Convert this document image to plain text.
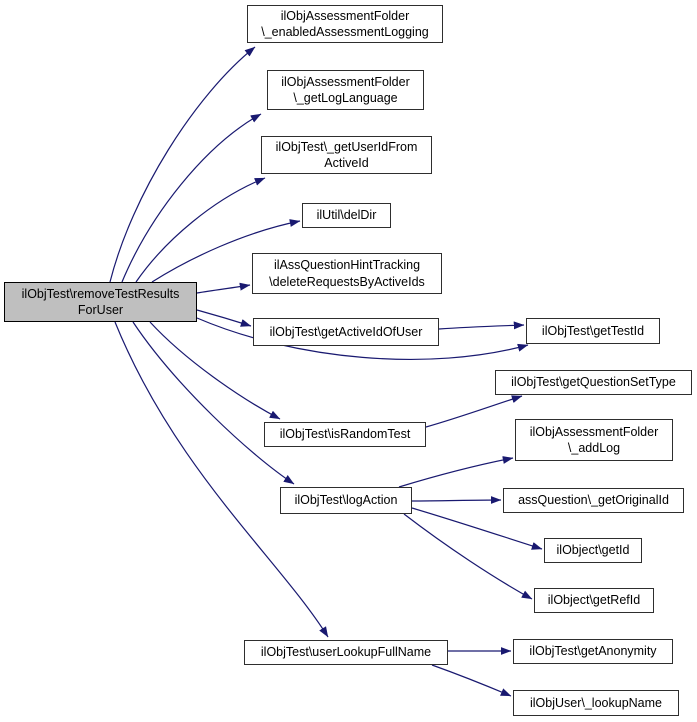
ilObjTest\removeTestResults
ForUser
ilObjAssessmentFolder
\_enabledAssessmentLogging
ilObjAssessmentFolder
\_getLogLanguage
ilObjTest\_getUserIdFrom
ActiveId
ilUtil\delDir
ilAssQuestionHintTracking
\deleteRequestsByActiveIds
ilObjTest\getActiveIdOfUser	ilObjTest\getTestId
ilObjTest\getQuestionSetType
ilObjTest\isRandomTest
ilObjTest\logAction
ilObjAssessmentFolder
\_addLog
assQuestion\_getOriginalId
ilObject\getId
ilObject\getRefId
ilObjTest\userLookupFullName	ilObjTest\getAnonymity
ilObjUser\_lookupName
